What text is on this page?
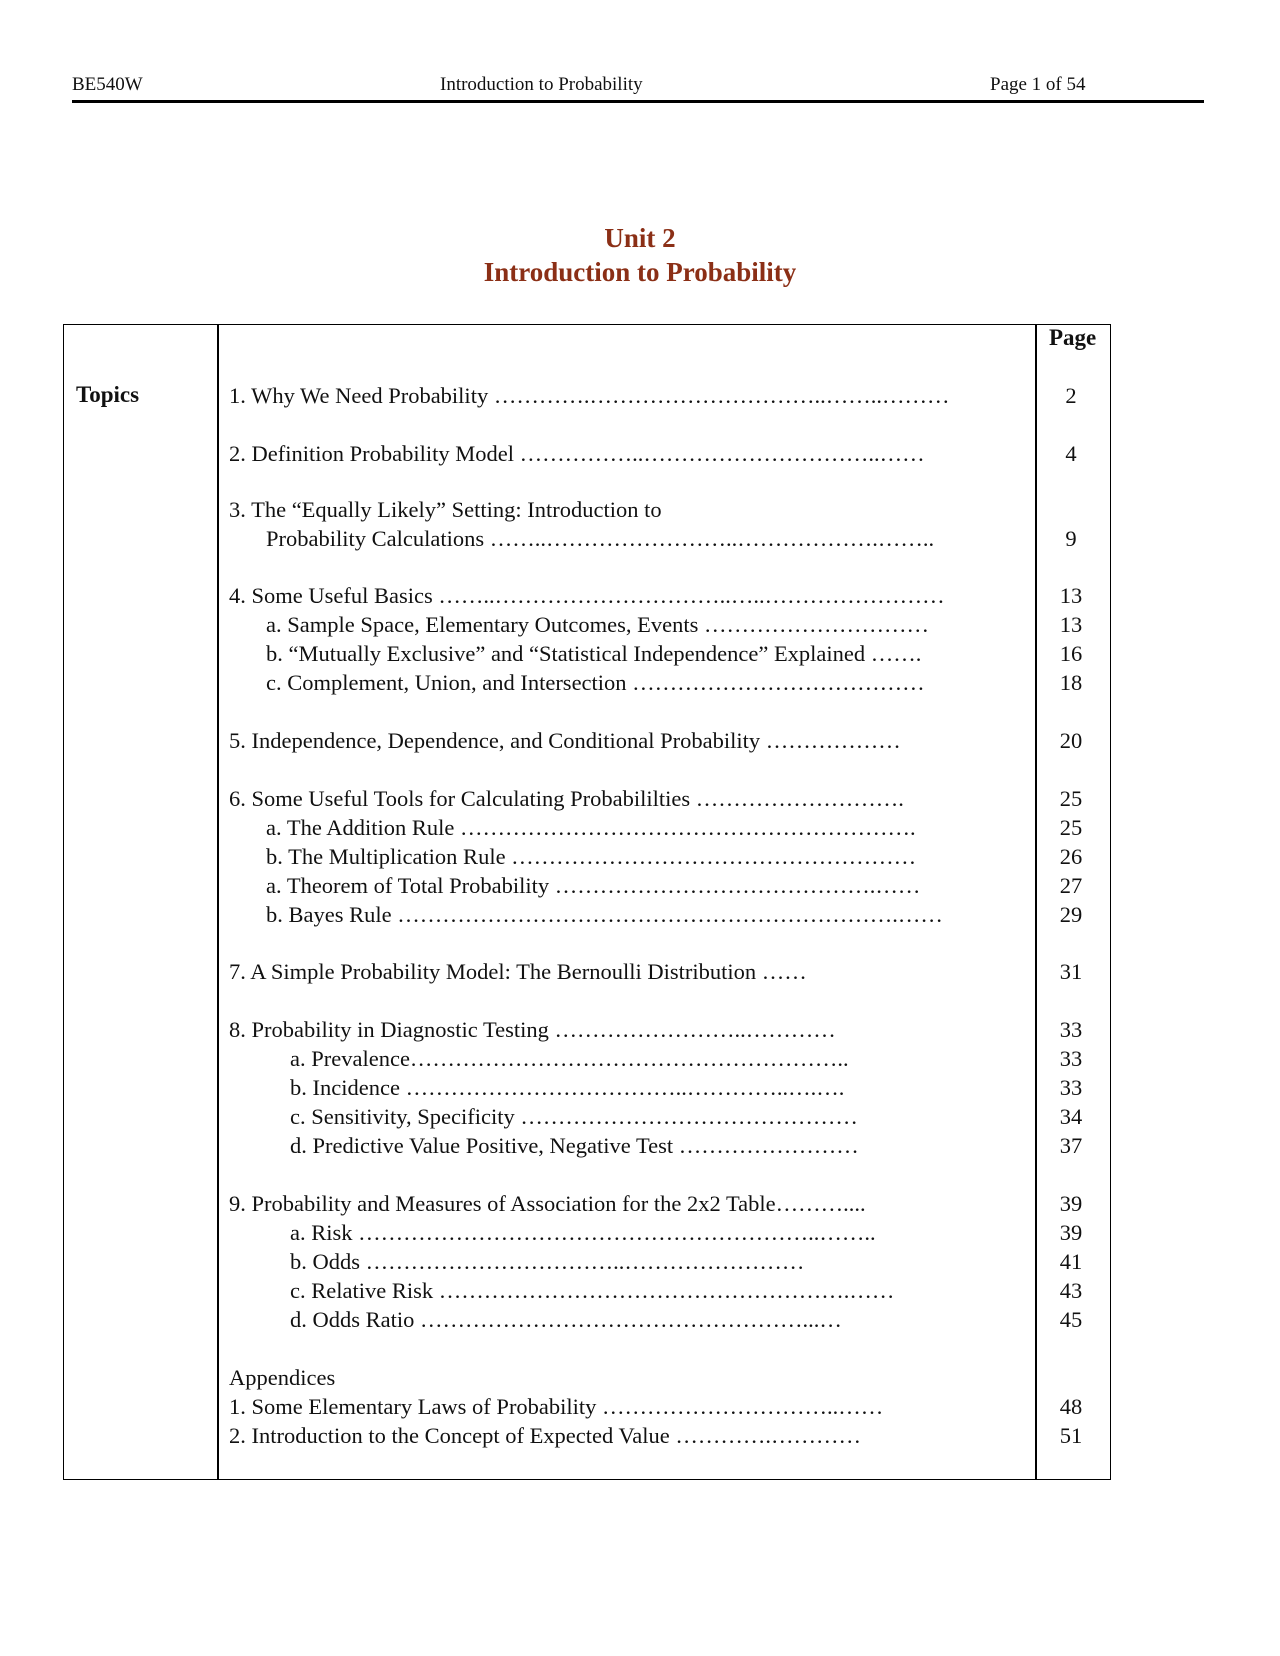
BE540W	Introduction to Probability	Page 1 of 54
Unit 2
Introduction to Probability
Topics
Page
1. Why We Need Probability ………….…………………………..……..………	2
2. Definition Probability Model ……………..…………………………..……	4
3. The “Equally Likely” Setting: Introduction to
Probability Calculations ……..……………………..……………….……..	9
4. Some Useful Basics ……..…………………………..…..……………………	13
a. Sample Space, Elementary Outcomes, Events …………………………	13
b. “Mutually Exclusive” and “Statistical Independence” Explained …….	16
c. Complement, Union, and Intersection …………………………………	18
5. Independence, Dependence, and Conditional Probability ………………	20
6. Some Useful Tools for Calculating Probabililties ……………………….	25
a. The Addition Rule …………………………………………………….	25
b. The Multiplication Rule ………………………………………………	26
a. Theorem of Total Probability …………………………………….……	27
b. Bayes Rule ………………………………………………………….……	29
7. A Simple Probability Model: The Bernoulli Distribution ……	31
8. Probability in Diagnostic Testing ……………………..…………	33
a. Prevalence…………………………………………………..	33
b. Incidence ………………………………..…………..….….	33
c. Sensitivity, Specificity ………………………………………	34
d. Predictive Value Positive, Negative Test ……………………	37
9. Probability and Measures of Association for the 2x2 Table………....	39
a. Risk ……………………………………………………..……..	39
b. Odds ……………………………..……………………	41
c. Relative Risk ……………………………………………….……	43
d. Odds Ratio ……………………………………………...…	45
Appendices
1. Some Elementary Laws of Probability …………………………..……	48
2. Introduction to the Concept of Expected Value ………….…………	51
